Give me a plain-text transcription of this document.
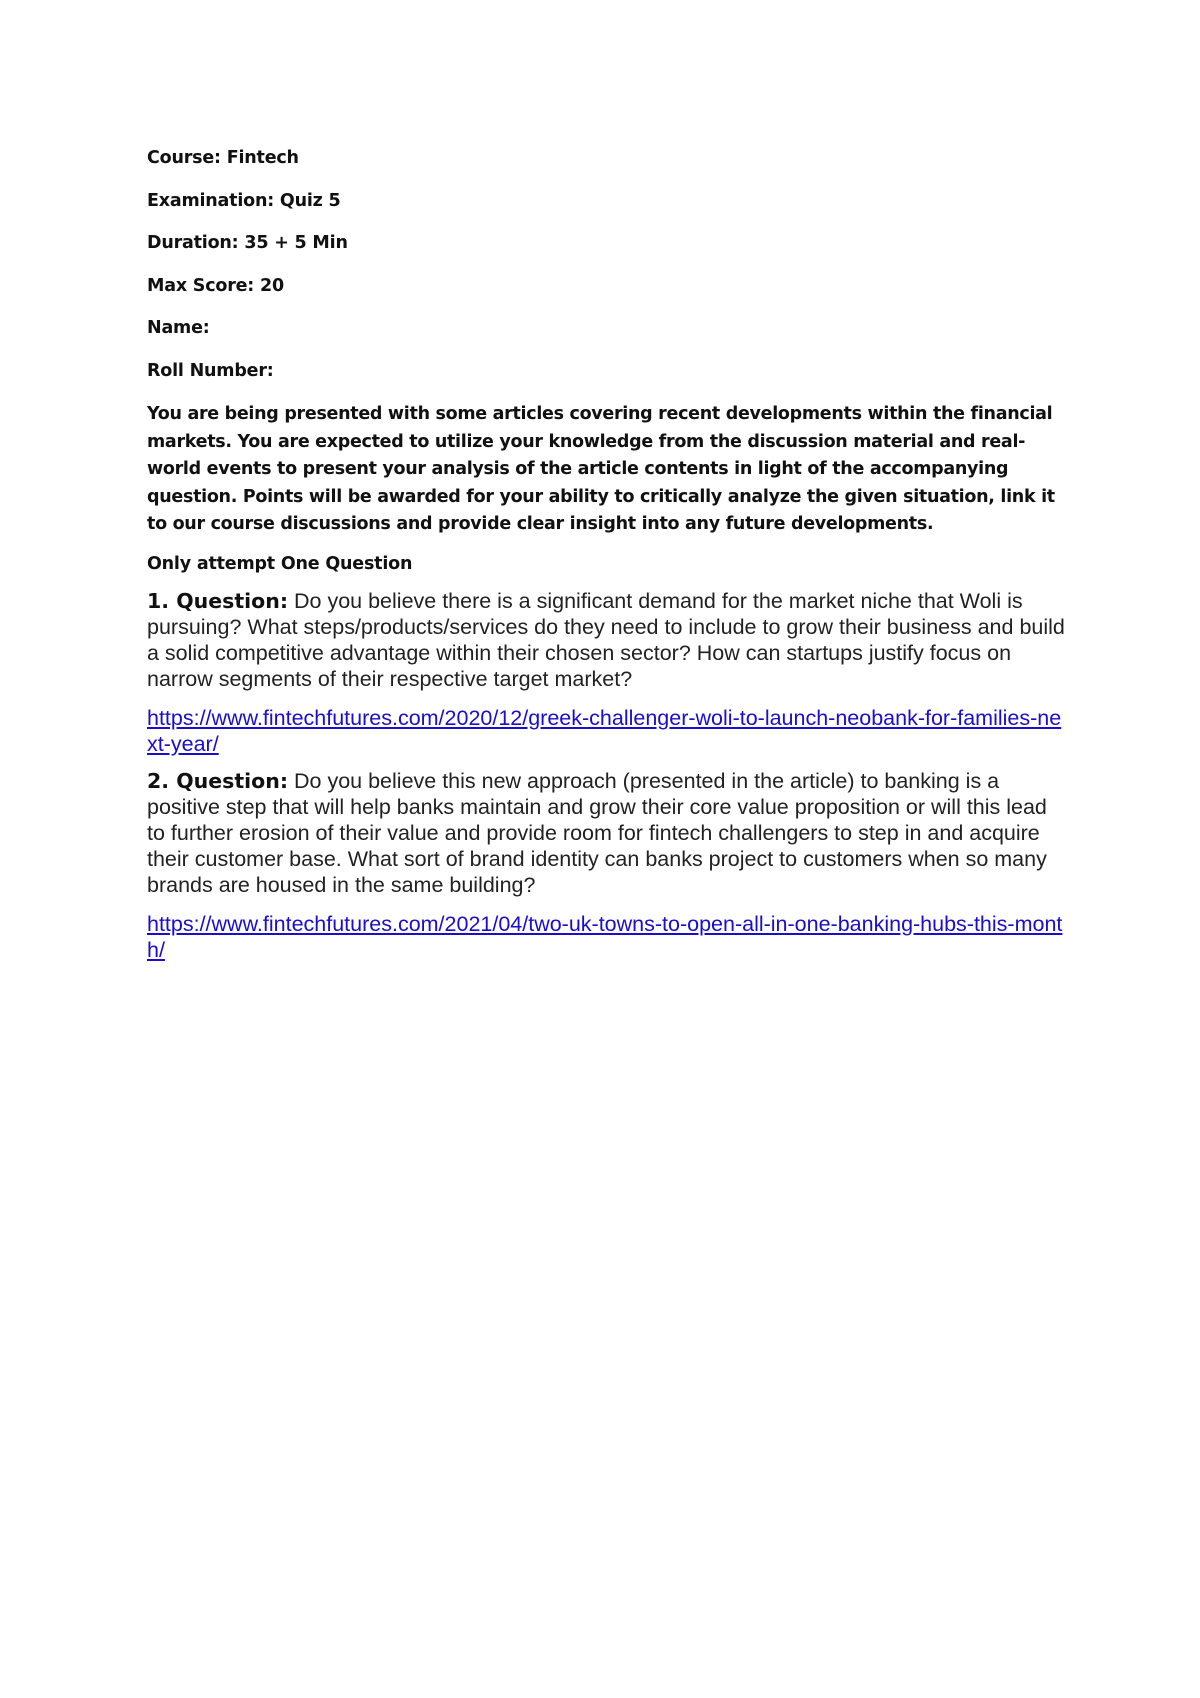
Course: Fintech

Examination: Quiz 5

Duration: 35 + 5 Min

Max Score: 20

Name:

Roll Number:

You are being presented with some articles covering recent developments within the financial markets. You are expected to utilize your knowledge from the discussion material and real-world events to present your analysis of the article contents in light of the accompanying question. Points will be awarded for your ability to critically analyze the given situation, link it to our course discussions and provide clear insight into any future developments.

Only attempt One Question

1. Question: Do you believe there is a significant demand for the market niche that Woli is pursuing? What steps/products/services do they need to include to grow their business and build a solid competitive advantage within their chosen sector? How can startups justify focus on narrow segments of their respective target market?

https://www.fintechfutures.com/2020/12/greek-challenger-woli-to-launch-neobank-for-families-next-year/

2. Question: Do you believe this new approach (presented in the article) to banking is a positive step that will help banks maintain and grow their core value proposition or will this lead to further erosion of their value and provide room for fintech challengers to step in and acquire their customer base. What sort of brand identity can banks project to customers when so many brands are housed in the same building?

https://www.fintechfutures.com/2021/04/two-uk-towns-to-open-all-in-one-banking-hubs-this-month/
